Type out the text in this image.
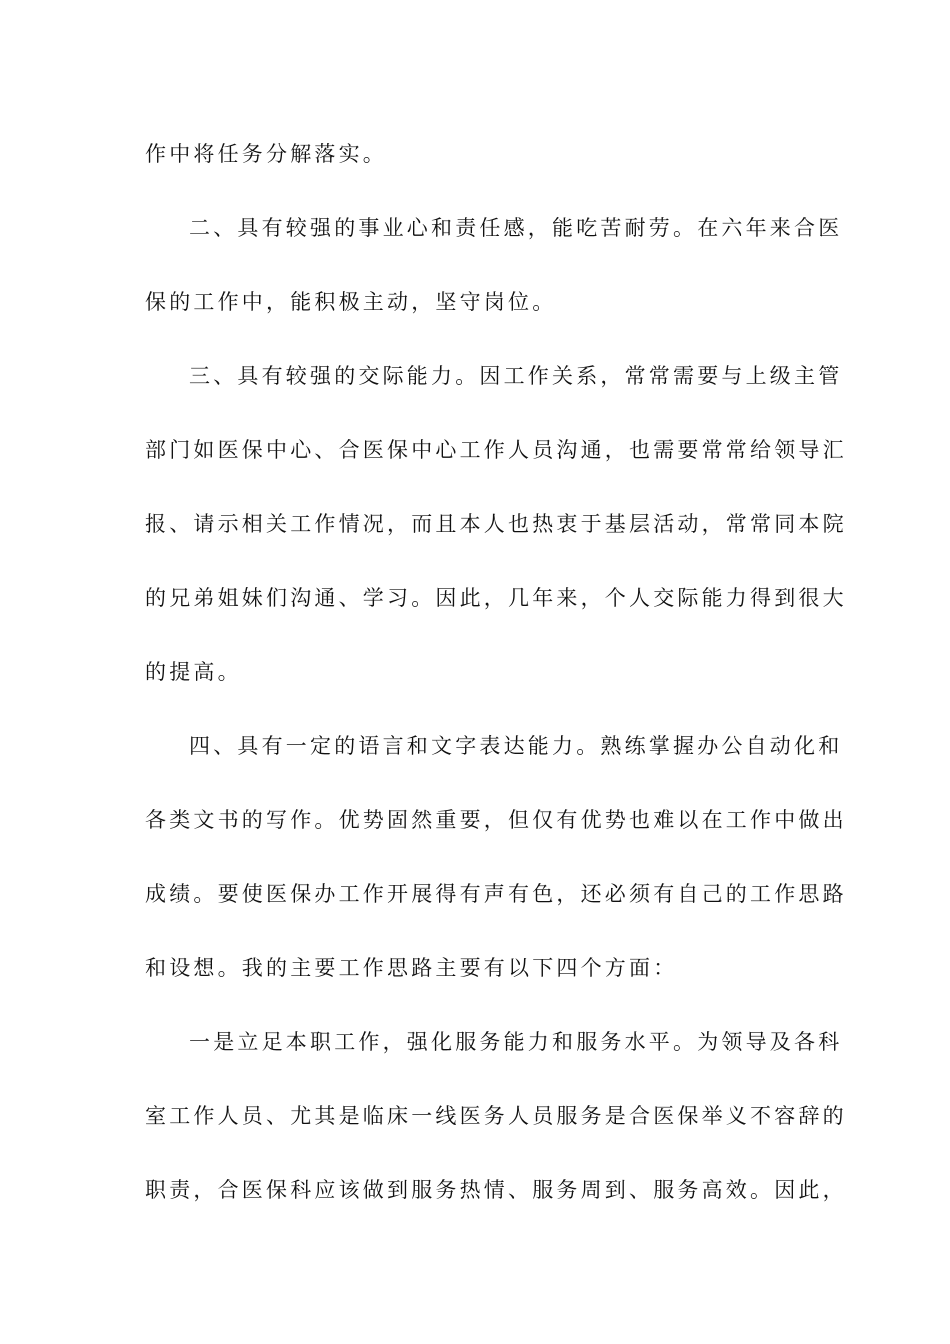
作中将任务分解落实。
二、具有较强的事业心和责任感，能吃苦耐劳。在六年来合医
保的工作中，能积极主动，坚守岗位。
三、具有较强的交际能力。因工作关系，常常需要与上级主管
部门如医保中心、合医保中心工作人员沟通，也需要常常给领导汇
报、请示相关工作情况，而且本人也热衷于基层活动，常常同本院
的兄弟姐妹们沟通、学习。因此，几年来，个人交际能力得到很大
的提高。
四、具有一定的语言和文字表达能力。熟练掌握办公自动化和
各类文书的写作。优势固然重要，但仅有优势也难以在工作中做出
成绩。要使医保办工作开展得有声有色，还必须有自己的工作思路
和设想。我的主要工作思路主要有以下四个方面：
一是立足本职工作，强化服务能力和服务水平。为领导及各科
室工作人员、尤其是临床一线医务人员服务是合医保举义不容辞的
职责，合医保科应该做到服务热情、服务周到、服务高效。因此，
